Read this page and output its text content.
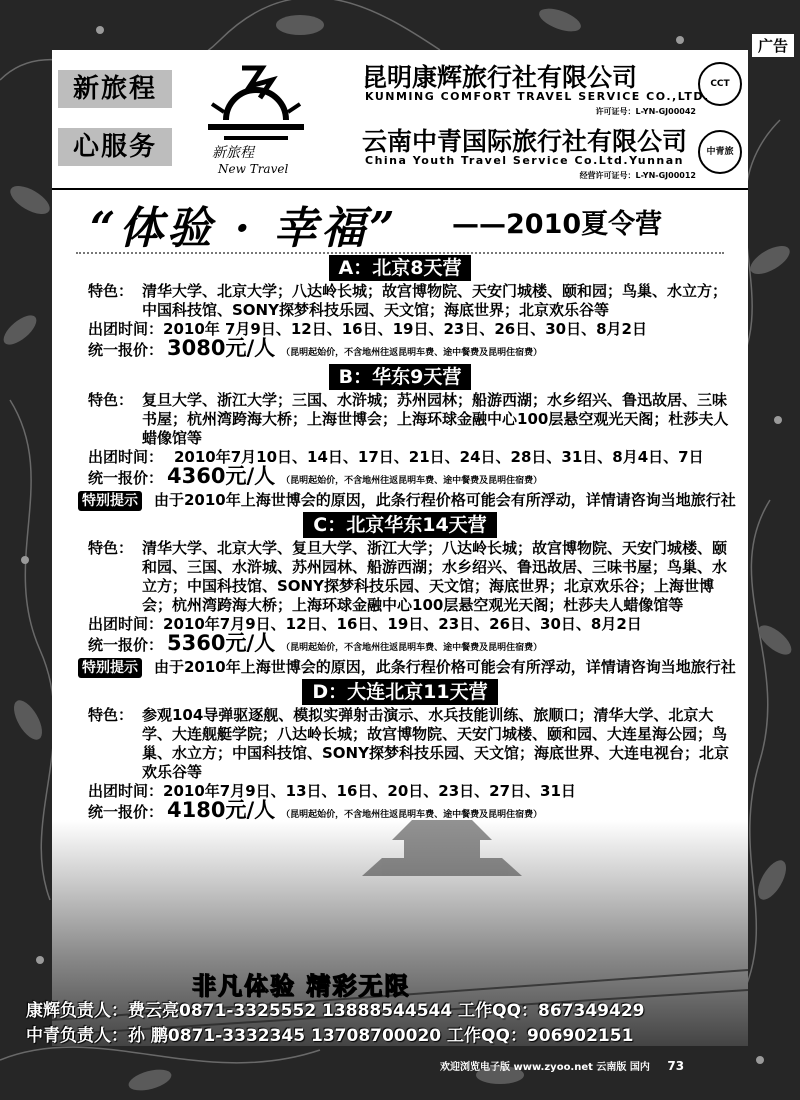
广告
新旅程
心服务	新旅程
New Travel
昆明康辉旅行社有限公司
KUNMING COMFORT TRAVEL SERVICE CO.,LTD.
许可证号：L-YN-GJ00042
CCT
云南中青国际旅行社有限公司
China Youth Travel Service Co.Ltd.Yunnan
经营许可证号：L-YN-GJ00012
中青旅
“体验 · 幸福” ——2010夏令营
A：北京8天营
特色： 清华大学、北京大学；八达岭长城；故宫博物院、天安门城楼、颐和园；鸟巢、水立方；中国科技馆、SONY探梦科技乐园、天文馆；海底世界；北京欢乐谷等
出团时间：2010年 7月9日、12日、16日、19日、23日、26日、30日、8月2日
统一报价： 3080元/人 （昆明起始价，不含地州往返昆明车费、途中餐费及昆明住宿费）
B：华东9天营
特色： 复旦大学、浙江大学；三国、水浒城；苏州园林；船游西湖；水乡绍兴、鲁迅故居、三味书屋；杭州湾跨海大桥；上海世博会；上海环球金融中心100层悬空观光天阁；杜莎夫人蜡像馆等
出团时间： 2010年7月10日、14日、17日、21日、24日、28日、31日、8月4日、7日
统一报价： 4360元/人 （昆明起始价，不含地州往返昆明车费、途中餐费及昆明住宿费）
特别提示 由于2010年上海世博会的原因，此条行程价格可能会有所浮动，详情请咨询当地旅行社
C：北京华东14天营
特色： 清华大学、北京大学、复旦大学、浙江大学；八达岭长城；故宫博物院、天安门城楼、颐和园、三国、水浒城、苏州园林、船游西湖；水乡绍兴、鲁迅故居、三味书屋；鸟巢、水立方；中国科技馆、SONY探梦科技乐园、天文馆；海底世界；北京欢乐谷；上海世博会；杭州湾跨海大桥；上海环球金融中心100层悬空观光天阁；杜莎夫人蜡像馆等
出团时间：2010年7月9日、12日、16日、19日、23日、26日、30日、8月2日
统一报价： 5360元/人 （昆明起始价，不含地州往返昆明车费、途中餐费及昆明住宿费）
特别提示 由于2010年上海世博会的原因，此条行程价格可能会有所浮动，详情请咨询当地旅行社
D：大连北京11天营
特色： 参观104导弹驱逐舰、模拟实弹射击演示、水兵技能训练、旅顺口；清华大学、北京大学、大连舰艇学院；八达岭长城；故宫博物院、天安门城楼、颐和园、大连星海公园；鸟巢、水立方；中国科技馆、SONY探梦科技乐园、天文馆；海底世界、大连电视台；北京欢乐谷等
出团时间：2010年7月9日、13日、16日、20日、23日、27日、31日
统一报价： 4180元/人 （昆明起始价，不含地州往返昆明车费、途中餐费及昆明住宿费）
非凡体验 精彩无限
康辉负责人：费云亮0871-3325552 13888544544 工作QQ：867349429
中青负责人：孙 鹏0871-3332345 13708700020 工作QQ：906902151
欢迎浏览电子版 www.zyoo.net 云南版 国内 73
